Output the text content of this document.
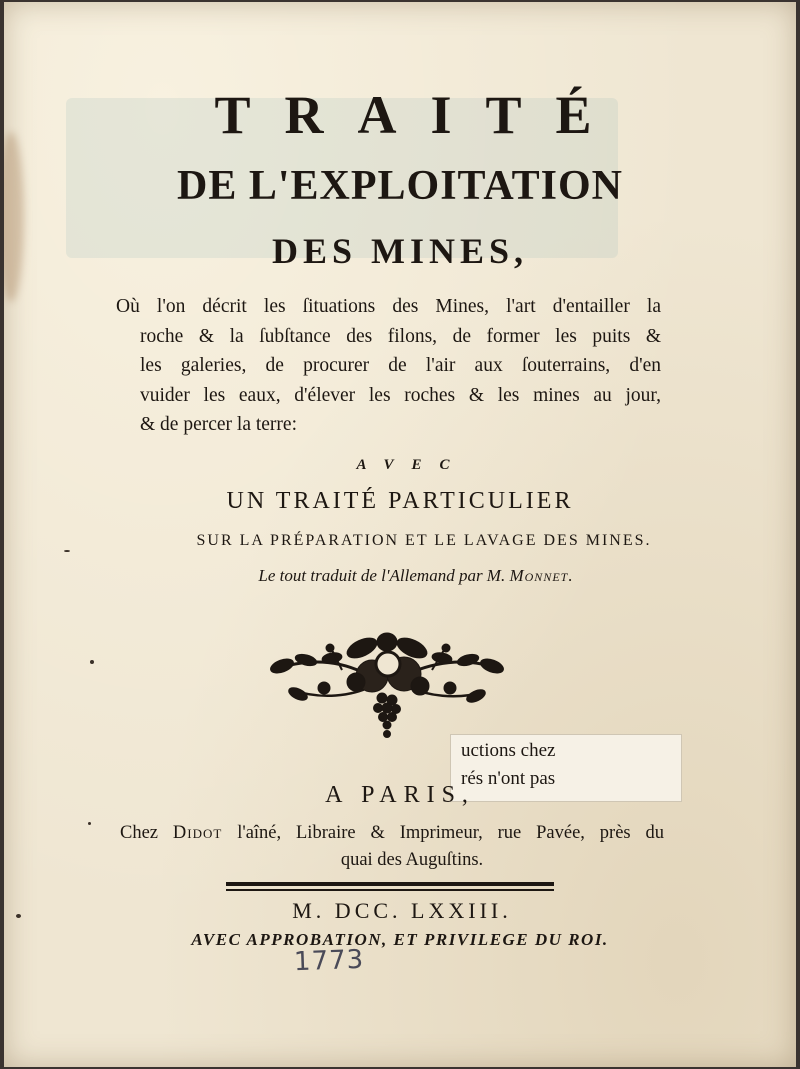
TRAITÉ
DE L'EXPLOITATION
DES MINES,
Où l'on décrit les ſituations des Mines, l'art d'entailler la
roche & la ſubſtance des filons, de former les puits &
les galeries, de procurer de l'air aux ſouterrains, d'en
vuider les eaux, d'élever les roches & les mines au jour,
& de percer la terre:
AVEC
UN TRAITÉ PARTICULIER
SUR LA PRÉPARATION ET LE LAVAGE DES MINES.
Le tout traduit de l'Allemand par M. Monnet.
uctions chez
rés n'ont pas
A PARIS,
Chez Didot l'aîné, Libraire & Imprimeur, rue Pavée, près du
quai des Auguſtins.
M. DCC. LXXIII.
AVEC APPROBATION, ET PRIVILEGE DU ROI.
1773
